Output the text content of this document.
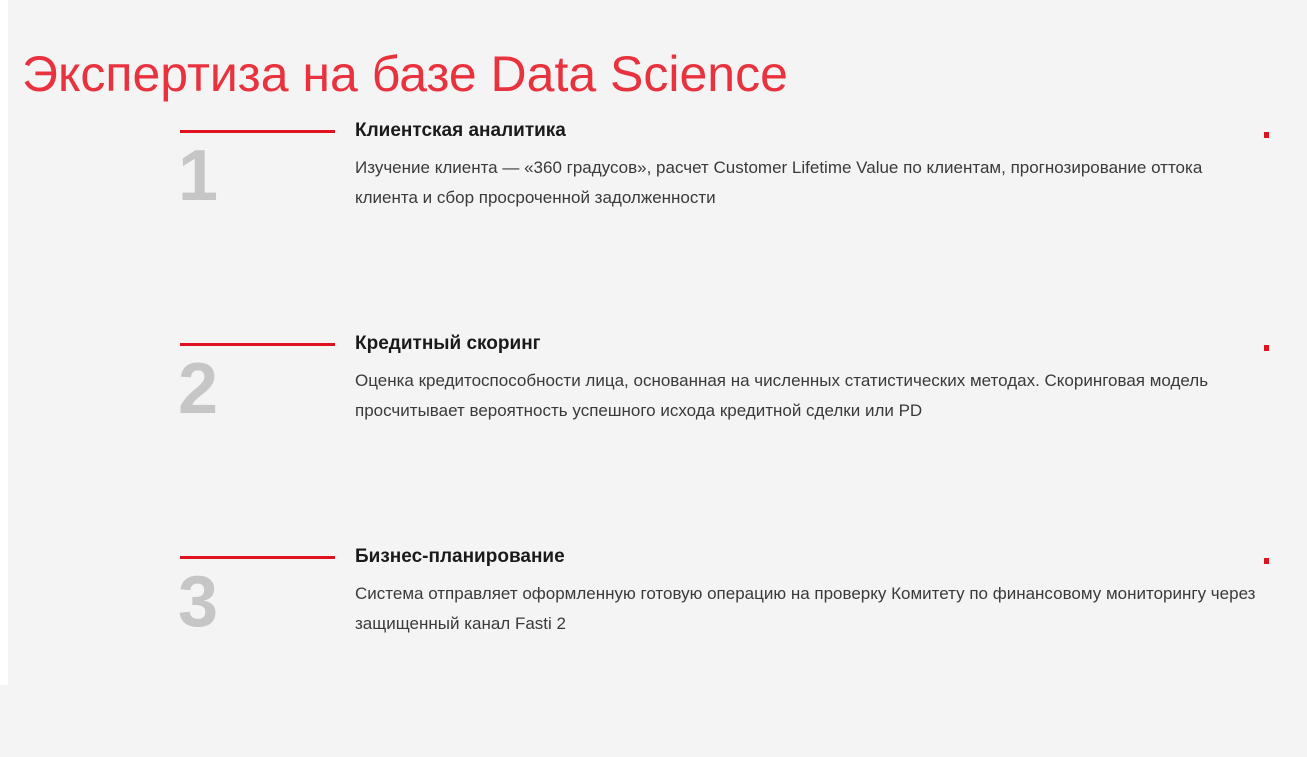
Экспертиза на базе Data Science
1
Клиентская аналитика

Изучение клиента — «360 градусов», расчет Customer Lifetime Value по клиентам, прогнозирование оттока клиента и сбор просроченной задолженности

2
Кредитный скоринг

Оценка кредитоспособности лица, основанная на численных статистических методах. Скоринговая модель просчитывает вероятность успешного исхода кредитной сделки или PD

3
Бизнес-планирование

Система отправляет оформленную готовую операцию на проверку Комитету по финансовому мониторингу через защищенный канал Fasti 2
